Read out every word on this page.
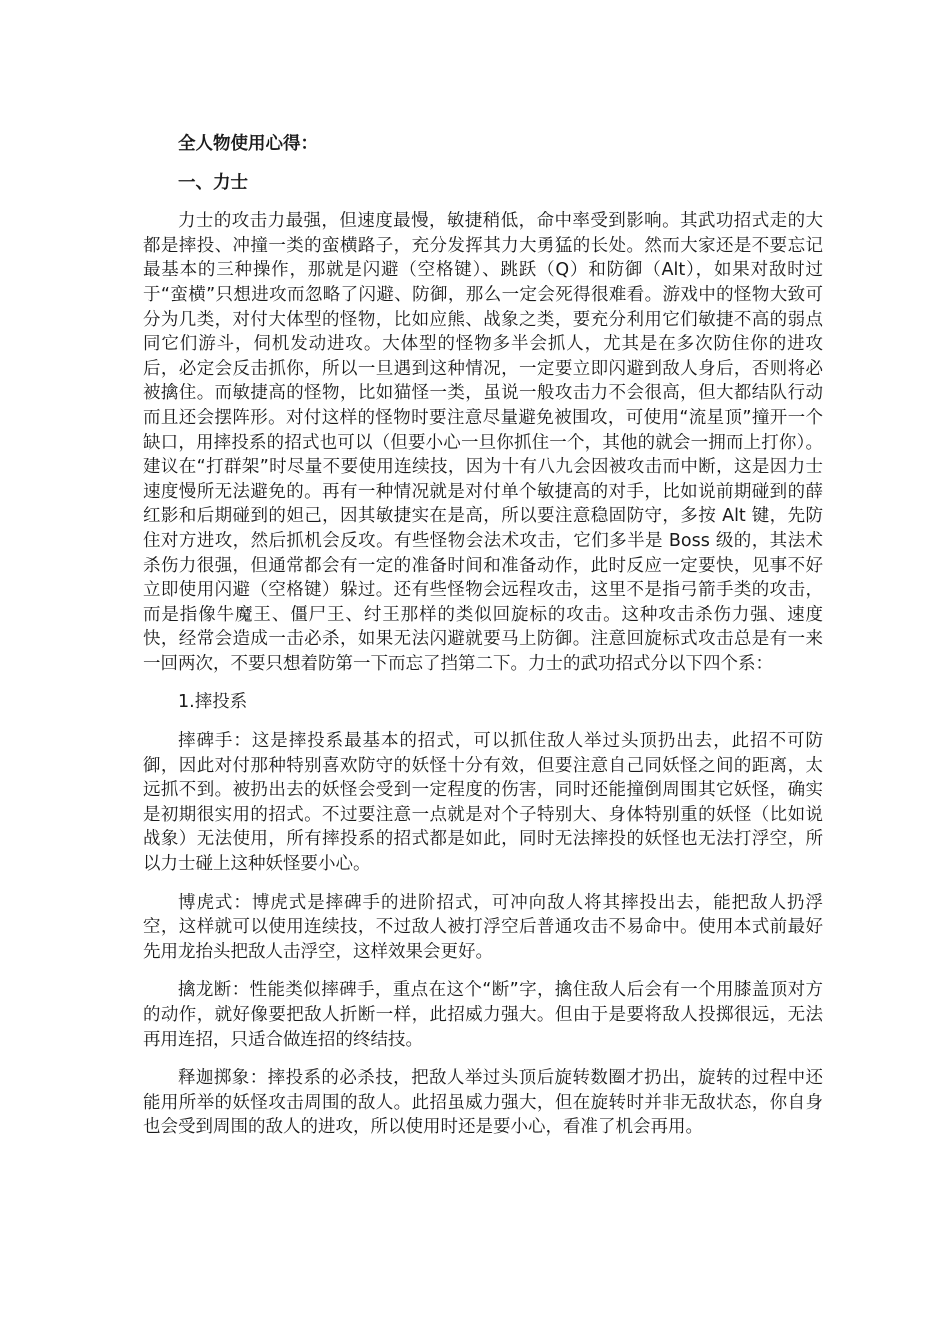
全人物使用心得：

一、力士

力士的攻击力最强，但速度最慢，敏捷稍低，命中率受到影响。其武功招式走的大都是摔投、冲撞一类的蛮横路子，充分发挥其力大勇猛的长处。然而大家还是不要忘记最基本的三种操作，那就是闪避（空格键）、跳跃（Q）和防御（Alt），如果对敌时过于“蛮横”只想进攻而忽略了闪避、防御，那么一定会死得很难看。游戏中的怪物大致可分为几类，对付大体型的怪物，比如应熊、战象之类，要充分利用它们敏捷不高的弱点同它们游斗，伺机发动进攻。大体型的怪物多半会抓人，尤其是在多次防住你的进攻后，必定会反击抓你，所以一旦遇到这种情况，一定要立即闪避到敌人身后，否则将必被擒住。而敏捷高的怪物，比如猫怪一类，虽说一般攻击力不会很高，但大都结队行动而且还会摆阵形。对付这样的怪物时要注意尽量避免被围攻，可使用“流星顶”撞开一个缺口，用摔投系的招式也可以（但要小心一旦你抓住一个，其他的就会一拥而上打你）。建议在“打群架”时尽量不要使用连续技，因为十有八九会因被攻击而中断，这是因力士速度慢所无法避免的。再有一种情况就是对付单个敏捷高的对手，比如说前期碰到的薛红影和后期碰到的妲己，因其敏捷实在是高，所以要注意稳固防守，多按 Alt 键，先防住对方进攻，然后抓机会反攻。有些怪物会法术攻击，它们多半是 Boss 级的，其法术杀伤力很强，但通常都会有一定的准备时间和准备动作，此时反应一定要快，见事不好立即使用闪避（空格键）躲过。还有些怪物会远程攻击，这里不是指弓箭手类的攻击，而是指像牛魔王、僵尸王、纣王那样的类似回旋标的攻击。这种攻击杀伤力强、速度快，经常会造成一击必杀，如果无法闪避就要马上防御。注意回旋标式攻击总是有一来一回两次，不要只想着防第一下而忘了挡第二下。力士的武功招式分以下四个系：

1.摔投系

摔碑手：这是摔投系最基本的招式，可以抓住敌人举过头顶扔出去，此招不可防御，因此对付那种特别喜欢防守的妖怪十分有效，但要注意自己同妖怪之间的距离，太远抓不到。被扔出去的妖怪会受到一定程度的伤害，同时还能撞倒周围其它妖怪，确实是初期很实用的招式。不过要注意一点就是对个子特别大、身体特别重的妖怪（比如说战象）无法使用，所有摔投系的招式都是如此，同时无法摔投的妖怪也无法打浮空，所以力士碰上这种妖怪要小心。

博虎式：博虎式是摔碑手的进阶招式，可冲向敌人将其摔投出去，能把敌人扔浮空，这样就可以使用连续技，不过敌人被打浮空后普通攻击不易命中。使用本式前最好先用龙抬头把敌人击浮空，这样效果会更好。

擒龙断：性能类似摔碑手，重点在这个“断”字，擒住敌人后会有一个用膝盖顶对方的动作，就好像要把敌人折断一样，此招威力强大。但由于是要将敌人投掷很远，无法再用连招，只适合做连招的终结技。

释迦掷象：摔投系的必杀技，把敌人举过头顶后旋转数圈才扔出，旋转的过程中还能用所举的妖怪攻击周围的敌人。此招虽威力强大，但在旋转时并非无敌状态，你自身也会受到周围的敌人的进攻，所以使用时还是要小心，看准了机会再用。
